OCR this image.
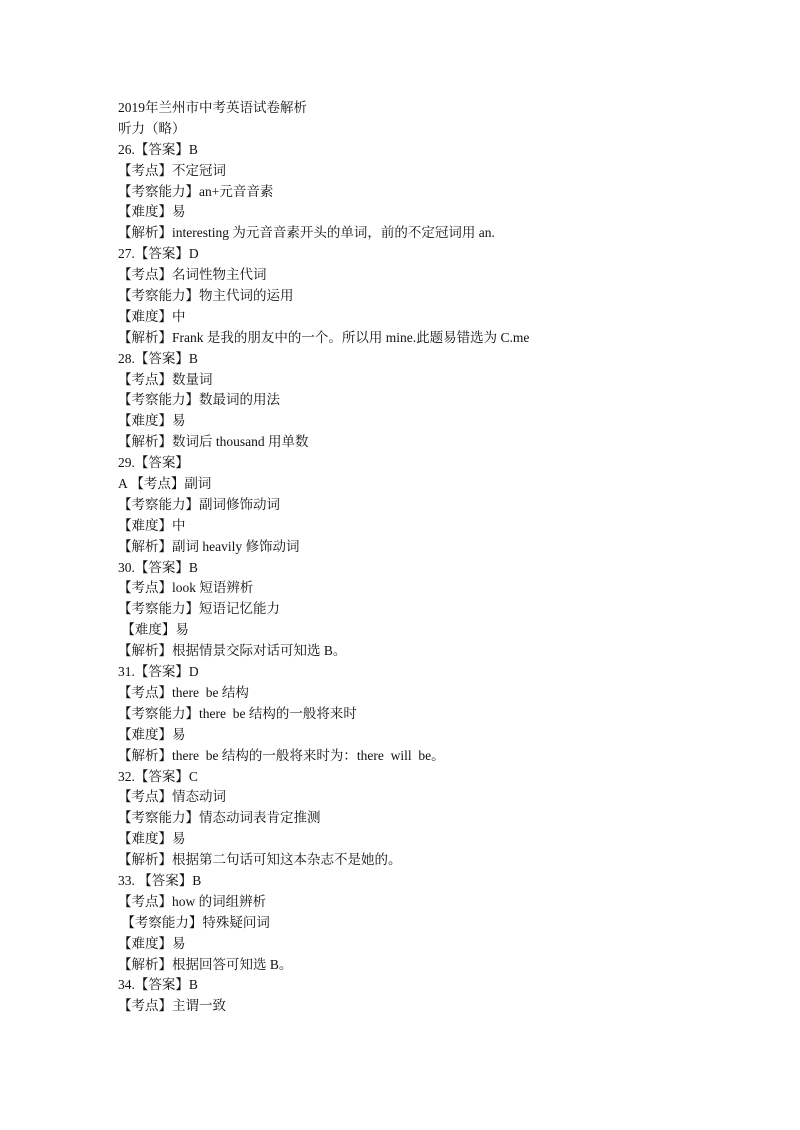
2019年兰州市中考英语试卷解析
听力（略）
26.【答案】B
【考点】不定冠词
【考察能力】an+元音音素
【难度】易
【解析】interesting 为元音音素开头的单词，前的不定冠词用 an.
27.【答案】D
【考点】名词性物主代词
【考察能力】物主代词的运用
【难度】中
【解析】Frank 是我的朋友中的一个。所以用 mine.此题易错选为 C.me
28.【答案】B
【考点】数量词
【考察能力】数最词的用法
【难度】易
【解析】数词后 thousand 用单数
29.【答案】
A 【考点】副词
【考察能力】副词修饰动词
【难度】中
【解析】副词 heavily 修饰动词
30.【答案】B
【考点】look 短语辨析
【考察能力】短语记忆能力
【难度】易
【解析】根据情景交际对话可知选 B。
31.【答案】D
【考点】there  be 结构
【考察能力】there  be 结构的一般将来时
【难度】易
【解析】there  be 结构的一般将来时为：there  will  be。
32.【答案】C
【考点】情态动词
【考察能力】情态动词表肯定推测
【难度】易
【解析】根据第二句话可知这本杂志不是她的。
33. 【答案】B
【考点】how 的词组辨析
【考察能力】特殊疑问词
【难度】易
【解析】根据回答可知选 B。
34.【答案】B
【考点】主谓一致
